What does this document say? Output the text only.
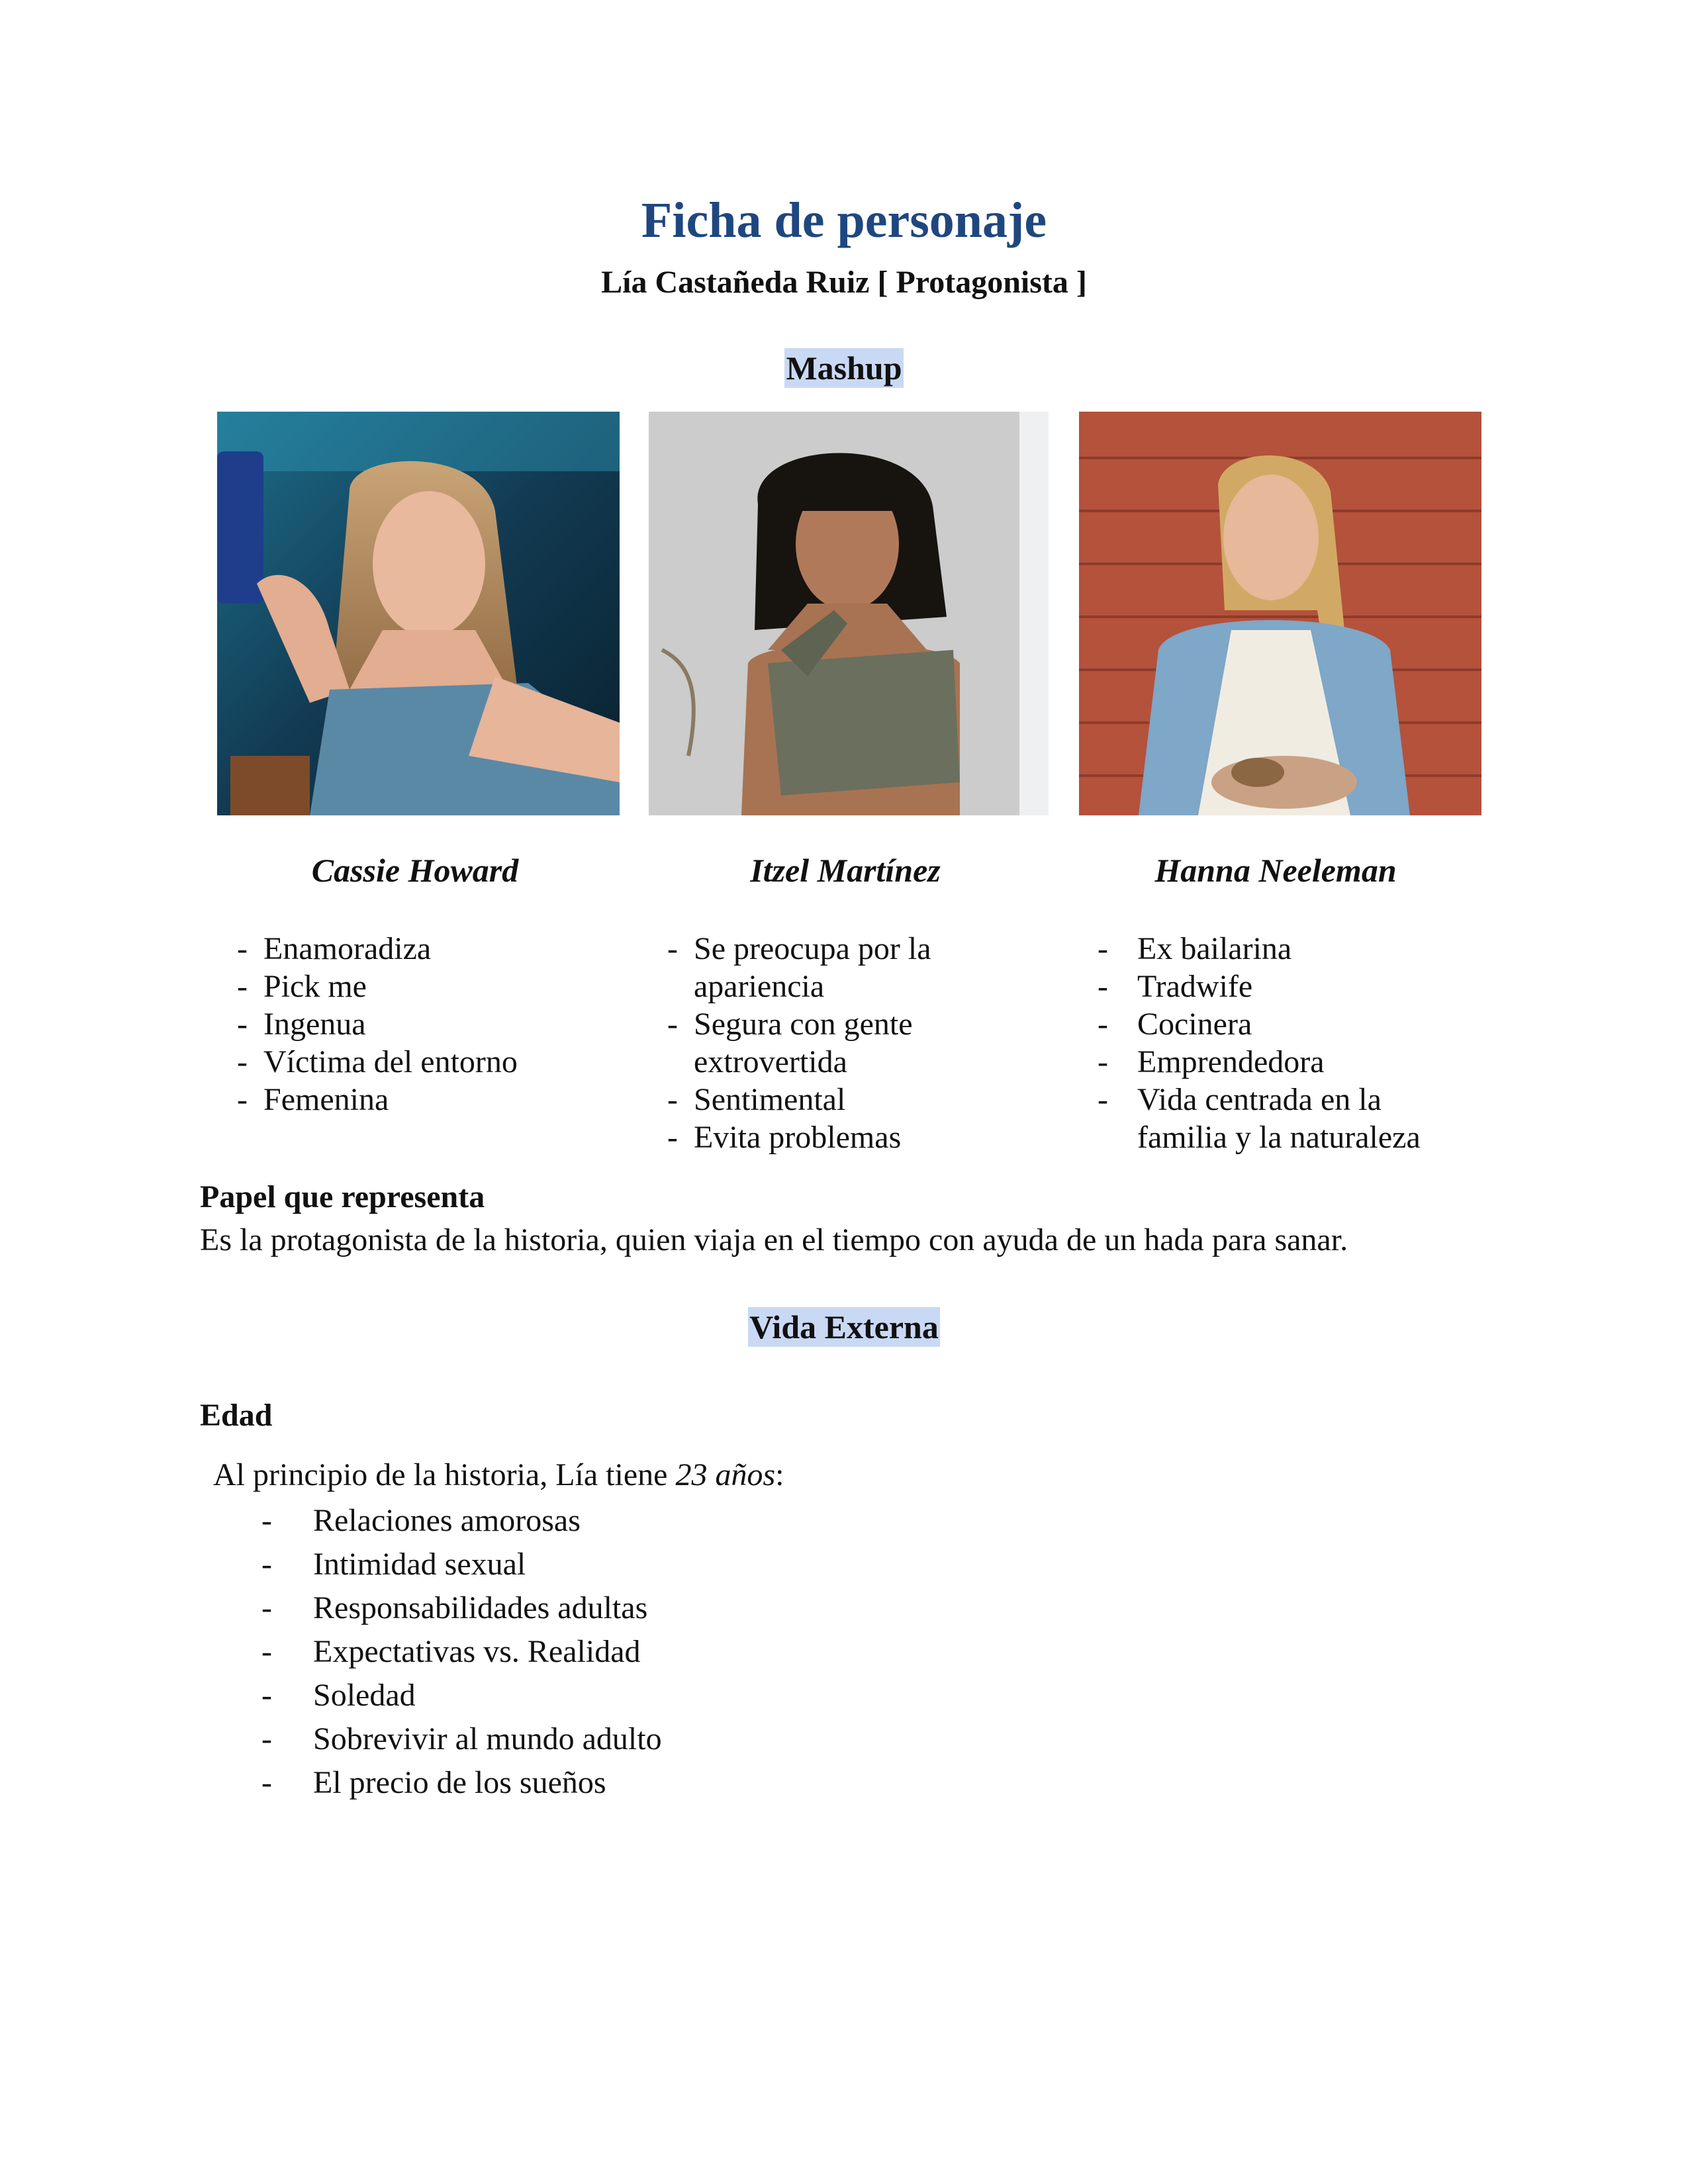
Ficha de personaje
Lía Castañeda Ruiz [ Protagonista ]
Mashup
Cassie Howard	Itzel Martínez	Hanna Neeleman
- Enamoradiza
- Pick me
- Ingenua
- Víctima del entorno
- Femenina
- Se preocupa por la
apariencia
- Segura con gente
extrovertida
- Sentimental
- Evita problemas
- Ex bailarina
- Tradwife
- Cocinera
- Emprendedora
- Vida centrada en la
familia y la naturaleza
Papel que representa
Es la protagonista de la historia, quien viaja en el tiempo con ayuda de un hada para sanar.
Vida Externa
Edad
Al principio de la historia, Lía tiene 23 años:
- Relaciones amorosas
- Intimidad sexual
- Responsabilidades adultas
- Expectativas vs. Realidad
- Soledad
- Sobrevivir al mundo adulto
- El precio de los sueños
